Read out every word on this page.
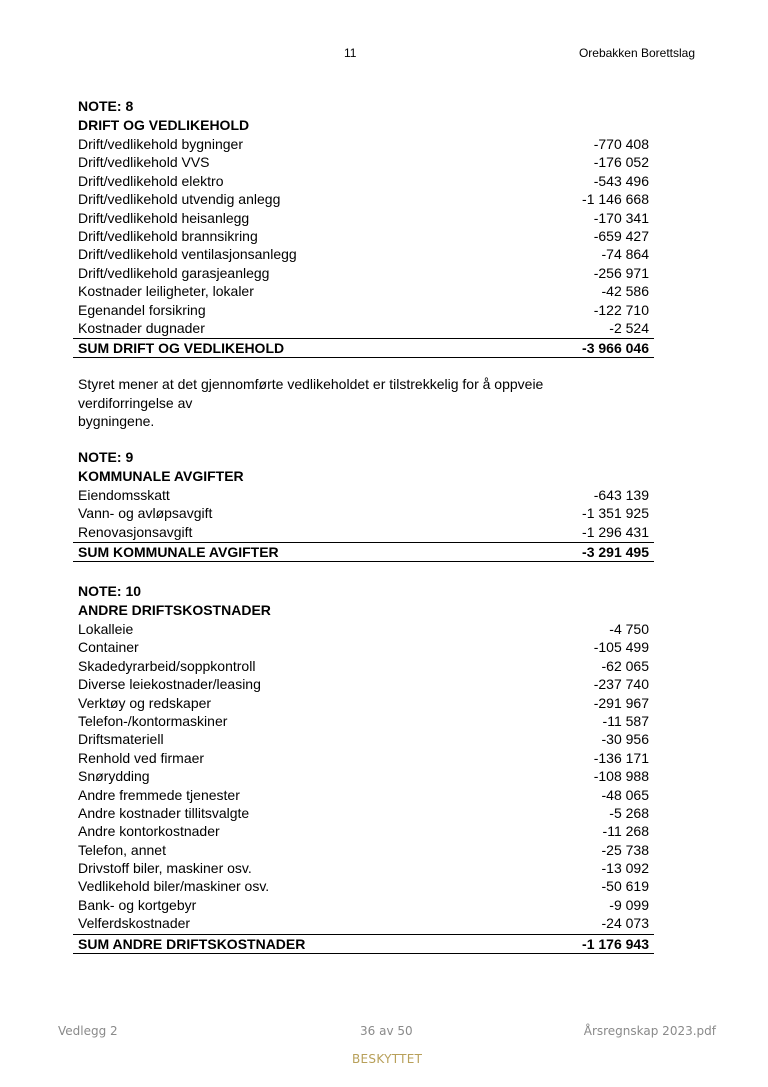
11	Orebakken Borettslag
NOTE: 8
DRIFT OG VEDLIKEHOLD
Drift/vedlikehold bygninger	-770 408
Drift/vedlikehold VVS	-176 052
Drift/vedlikehold elektro	-543 496
Drift/vedlikehold utvendig anlegg	-1 146 668
Drift/vedlikehold heisanlegg	-170 341
Drift/vedlikehold brannsikring	-659 427
Drift/vedlikehold ventilasjonsanlegg	-74 864
Drift/vedlikehold garasjeanlegg	-256 971
Kostnader leiligheter, lokaler	-42 586
Egenandel forsikring	-122 710
Kostnader dugnader	-2 524
SUM DRIFT OG VEDLIKEHOLD	-3 966 046
Styret mener at det gjennomførte vedlikeholdet er tilstrekkelig for å oppveie
verdiforringelse av
bygningene.
NOTE: 9
KOMMUNALE AVGIFTER
Eiendomsskatt	-643 139
Vann- og avløpsavgift	-1 351 925
Renovasjonsavgift	-1 296 431
SUM KOMMUNALE AVGIFTER	-3 291 495
NOTE: 10
ANDRE DRIFTSKOSTNADER
Lokalleie	-4 750
Container	-105 499
Skadedyrarbeid/soppkontroll	-62 065
Diverse leiekostnader/leasing	-237 740
Verktøy og redskaper	-291 967
Telefon-/kontormaskiner	-11 587
Driftsmateriell	-30 956
Renhold ved firmaer	-136 171
Snørydding	-108 988
Andre fremmede tjenester	-48 065
Andre kostnader tillitsvalgte	-5 268
Andre kontorkostnader	-11 268
Telefon, annet	-25 738
Drivstoff biler, maskiner osv.	-13 092
Vedlikehold biler/maskiner osv.	-50 619
Bank- og kortgebyr	-9 099
Velferdskostnader	-24 073
SUM ANDRE DRIFTSKOSTNADER	-1 176 943
Vedlegg 2	36 av 50	Årsregnskap 2023.pdf
BESKYTTET
